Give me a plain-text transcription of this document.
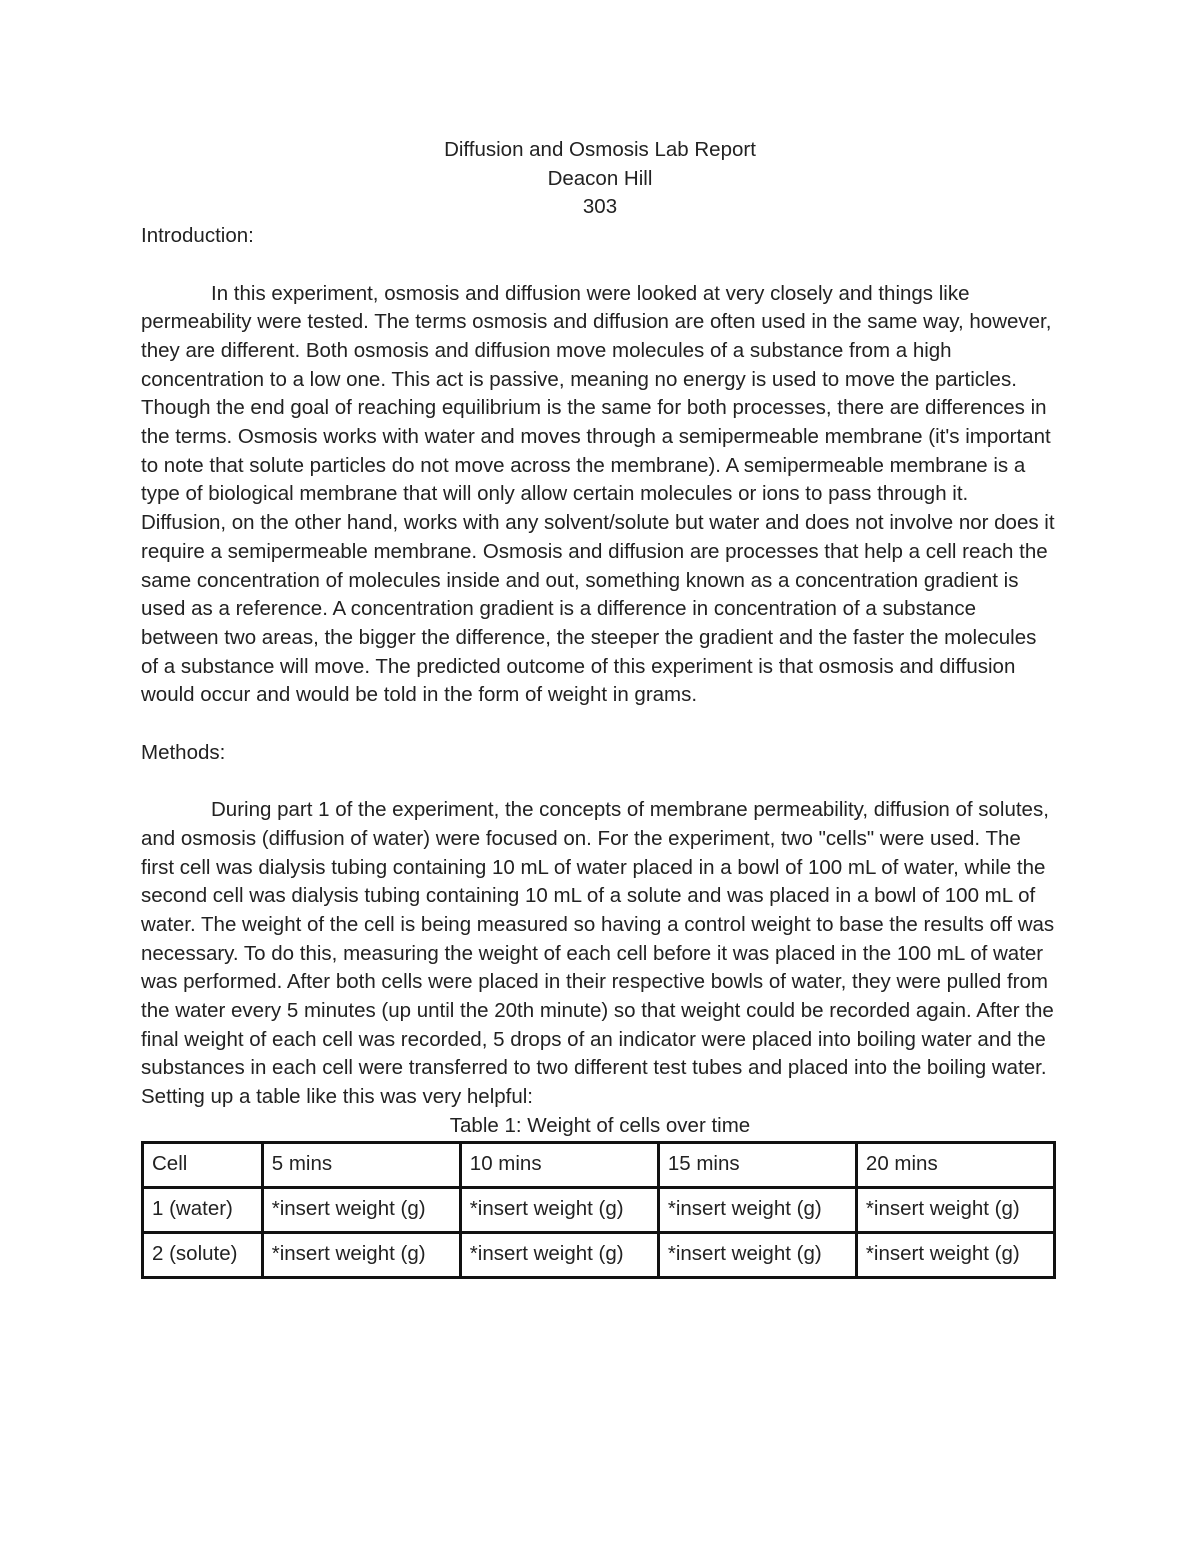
Diffusion and Osmosis Lab Report
Deacon Hill
303
Introduction:

In this experiment, osmosis and diffusion were looked at very closely and things like permeability were tested. The terms osmosis and diffusion are often used in the same way, however, they are different. Both osmosis and diffusion move molecules of a substance from a high concentration to a low one. This act is passive, meaning no energy is used to move the particles. Though the end goal of reaching equilibrium is the same for both processes, there are differences in the terms. Osmosis works with water and moves through a semipermeable membrane (it's important to note that solute particles do not move across the membrane). A semipermeable membrane is a type of biological membrane that will only allow certain molecules or ions to pass through it. Diffusion, on the other hand, works with any solvent/solute but water and does not involve nor does it require a semipermeable membrane. Osmosis and diffusion are processes that help a cell reach the same concentration of molecules inside and out, something known as a concentration gradient is used as a reference. A concentration gradient is a difference in concentration of a substance between two areas, the bigger the difference, the steeper the gradient and the faster the molecules of a substance will move. The predicted outcome of this experiment is that osmosis and diffusion would occur and would be told in the form of weight in grams.

Methods:

During part 1 of the experiment, the concepts of membrane permeability, diffusion of solutes, and osmosis (diffusion of water) were focused on. For the experiment, two "cells" were used. The first cell was dialysis tubing containing 10 mL of water placed in a bowl of 100 mL of water, while the second cell was dialysis tubing containing 10 mL of a solute and was placed in a bowl of 100 mL of water. The weight of the cell is being measured so having a control weight to base the results off was necessary. To do this, measuring the weight of each cell before it was placed in the 100 mL of water was performed. After both cells were placed in their respective bowls of water, they were pulled from the water every 5 minutes (up until the 20th minute) so that weight could be recorded again. After the final weight of each cell was recorded, 5 drops of an indicator were placed into boiling water and the substances in each cell were transferred to two different test tubes and placed into the boiling water. Setting up a table like this was very helpful:

Table 1: Weight of cells over time
Cell	5 mins	10 mins	15 mins	20 mins
1 (water)	*insert weight (g)	*insert weight (g)	*insert weight (g)	*insert weight (g)
2 (solute)	*insert weight (g)	*insert weight (g)	*insert weight (g)	*insert weight (g)
